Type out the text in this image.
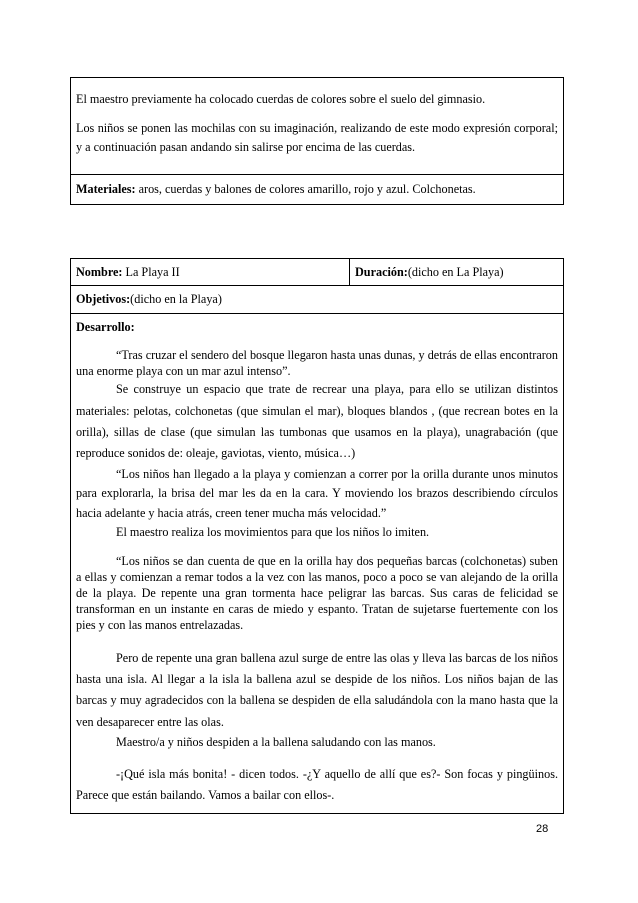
El maestro previamente ha colocado cuerdas de colores sobre el suelo del gimnasio.

Los niños se ponen las mochilas con su imaginación, realizando de este modo expresión corporal; y a continuación pasan andando sin salirse por encima de las cuerdas.

Materiales: aros, cuerdas y balones de colores amarillo, rojo y azul. Colchonetas.

Nombre: La Playa II	Duración:(dicho en La Playa)
Objetivos:(dicho en la Playa)

Desarrollo:

“Tras cruzar el sendero del bosque llegaron hasta unas dunas, y detrás de ellas encontraron una enorme playa con un mar azul intenso”.

Se construye un espacio que trate de recrear una playa, para ello se utilizan distintos materiales: pelotas, colchonetas (que simulan el mar), bloques blandos , (que recrean botes en la orilla), sillas de clase (que simulan las tumbonas que usamos en la playa), unagrabación (que reproduce sonidos de: oleaje, gaviotas, viento, música…)

“Los niños han llegado a la playa y comienzan a correr por la orilla durante unos minutos para explorarla, la brisa del mar les da en la cara. Y moviendo los brazos describiendo círculos hacia adelante y hacia atrás, creen tener mucha más velocidad.”

El maestro realiza los movimientos para que los niños lo imiten.

“Los niños se dan cuenta de que en la orilla hay dos pequeñas barcas (colchonetas) suben a ellas y comienzan a remar todos a la vez con las manos, poco a poco se van alejando de la orilla de la playa. De repente una gran tormenta hace peligrar las barcas. Sus caras de felicidad se transforman en un instante en caras de miedo y espanto. Tratan de sujetarse fuertemente con los pies y con las manos entrelazadas.

Pero de repente una gran ballena azul surge de entre las olas y lleva las barcas de los niños hasta una isla. Al llegar a la isla la ballena azul se despide de los niños. Los niños bajan de las barcas y muy agradecidos con la ballena se despiden de ella saludándola con la mano hasta que la ven desaparecer entre las olas.

Maestro/a y niños despiden a la ballena saludando con las manos.

-¡Qué isla más bonita! - dicen todos. -¿Y aquello de allí que es?- Son focas y pingüinos. Parece que están bailando. Vamos a bailar con ellos-.

28
